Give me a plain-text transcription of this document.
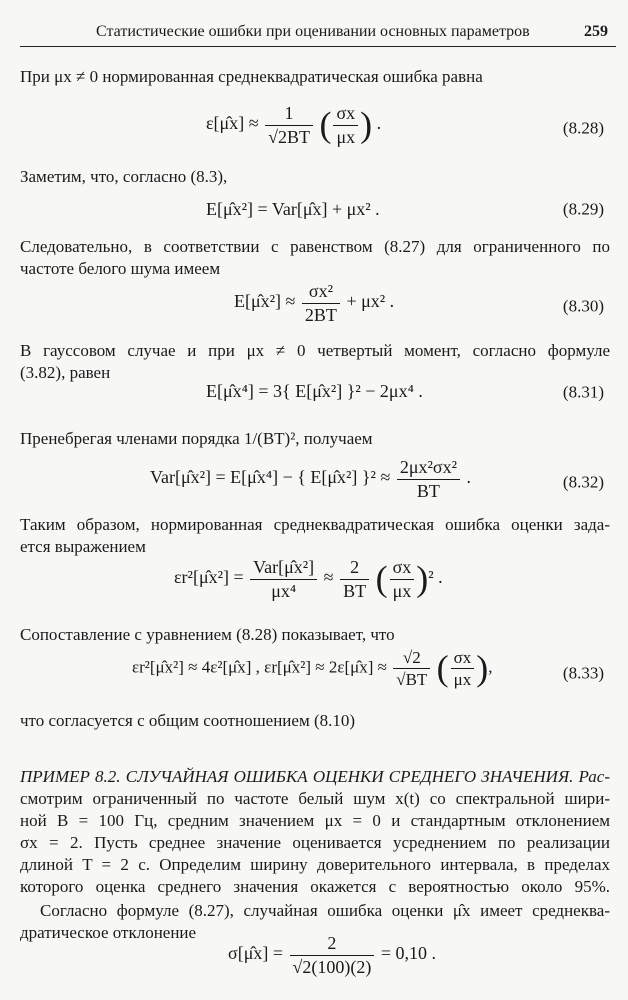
Статистические ошибки при оценивании основных параметров	259
При μx ≠ 0 нормированная среднеквадратическая ошибка равна
ε[μ̂x] ≈ $\frac{1}{√2BT}$ ( $\frac{\sigma x}{\mu x}$ ) .	(8.28)
Заметим, что, согласно (8.3),
E[μ̂x²] = Var[μ̂x] + μx² .	(8.29)
Следовательно, в соответствии с равенством (8.27) для ограниченного по
частоте белого шума имеем
E[μ̂x²] ≈ $\frac{\text{σx²}}{2BT} + \mu x^2$ .	(8.30)
В гауссовом случае и при μx ≠ 0 четвертый момент, согласно формуле
(3.82), равен
E[μ̂x⁴] = 3{ E[μ̂x²] }² − 2μx⁴ .	(8.31)
Пренебрегая членами порядка 1/(BT)², получаем
Var[μ̂x²] = E[μ̂x⁴] − { E[μ̂x²] }$^2 \approx \frac{\text{2μx²σx²}}{BT}$ .	(8.32)
Таким образом, нормированная среднеквадратическая ошибка оценки зада-
ется выражением
εr²[μ̂x²] = $\frac{\text{Var[μ̂x²]}}{\text{μx⁴}} \approx \frac{2}{BT}$ ( $\frac{\sigma x}{\mu x} )^2$ .
Сопоставление с уравнением (8.28) показывает, что
εr²[μ̂x²] ≈ 4ε²[μ̂x] , εr[μ̂x²] ≈ 2ε[μ̂x] ≈ $\frac{√2}{√BT}$ ( $\frac{\sigma x}{\mu x}$ ),	(8.33)
что согласуется с общим соотношением (8.10)
ПРИМЕР 8.2. СЛУЧАЙНАЯ ОШИБКА ОЦЕНКИ СРЕДНЕГО ЗНАЧЕНИЯ. Рас-
смотрим ограниченный по частоте белый шум x(t) со спектральной шири-
ной B = 100 Гц, средним значением μx = 0 и стандартным отклонением
σx = 2. Пусть среднее значение оценивается усреднением по реализации
длиной T = 2 с. Определим ширину доверительного интервала, в пределах
которого оценка среднего значения окажется с вероятностью около 95%.
Согласно формуле (8.27), случайная ошибка оценки μ̂x имеет среднеква-
дратическое отклонение
σ[μ̂x] = $\frac{2}{√2(100)(2)} = 0,10$ .
